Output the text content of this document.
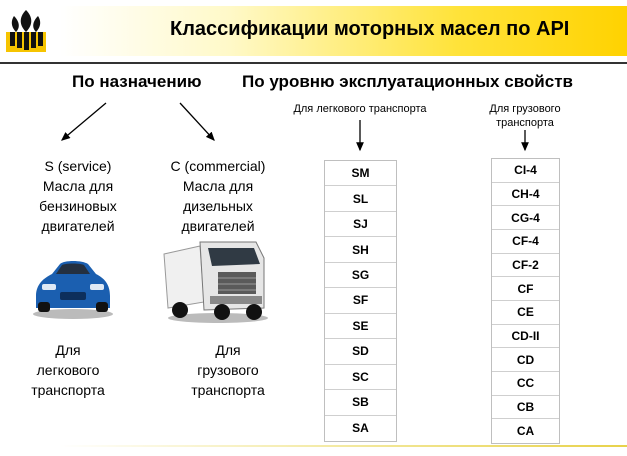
Классификации моторных масел по API
По назначению По уровню эксплуатационных свойств
Для легкового транспорта	Для грузового транспорта
S (service)
Масла для
бензиновых
двигателей
C (commercial)
Масла для
дизельных
двигателей
Для
легкового
транспорта
Для
грузового
транспорта
SM
SL
SJ
SH
SG
SF
SE
SD
SC
SB
SA
CI-4
CH-4
CG-4
CF-4
CF-2
CF
CE
CD-II
CD
CC
CB
CA
